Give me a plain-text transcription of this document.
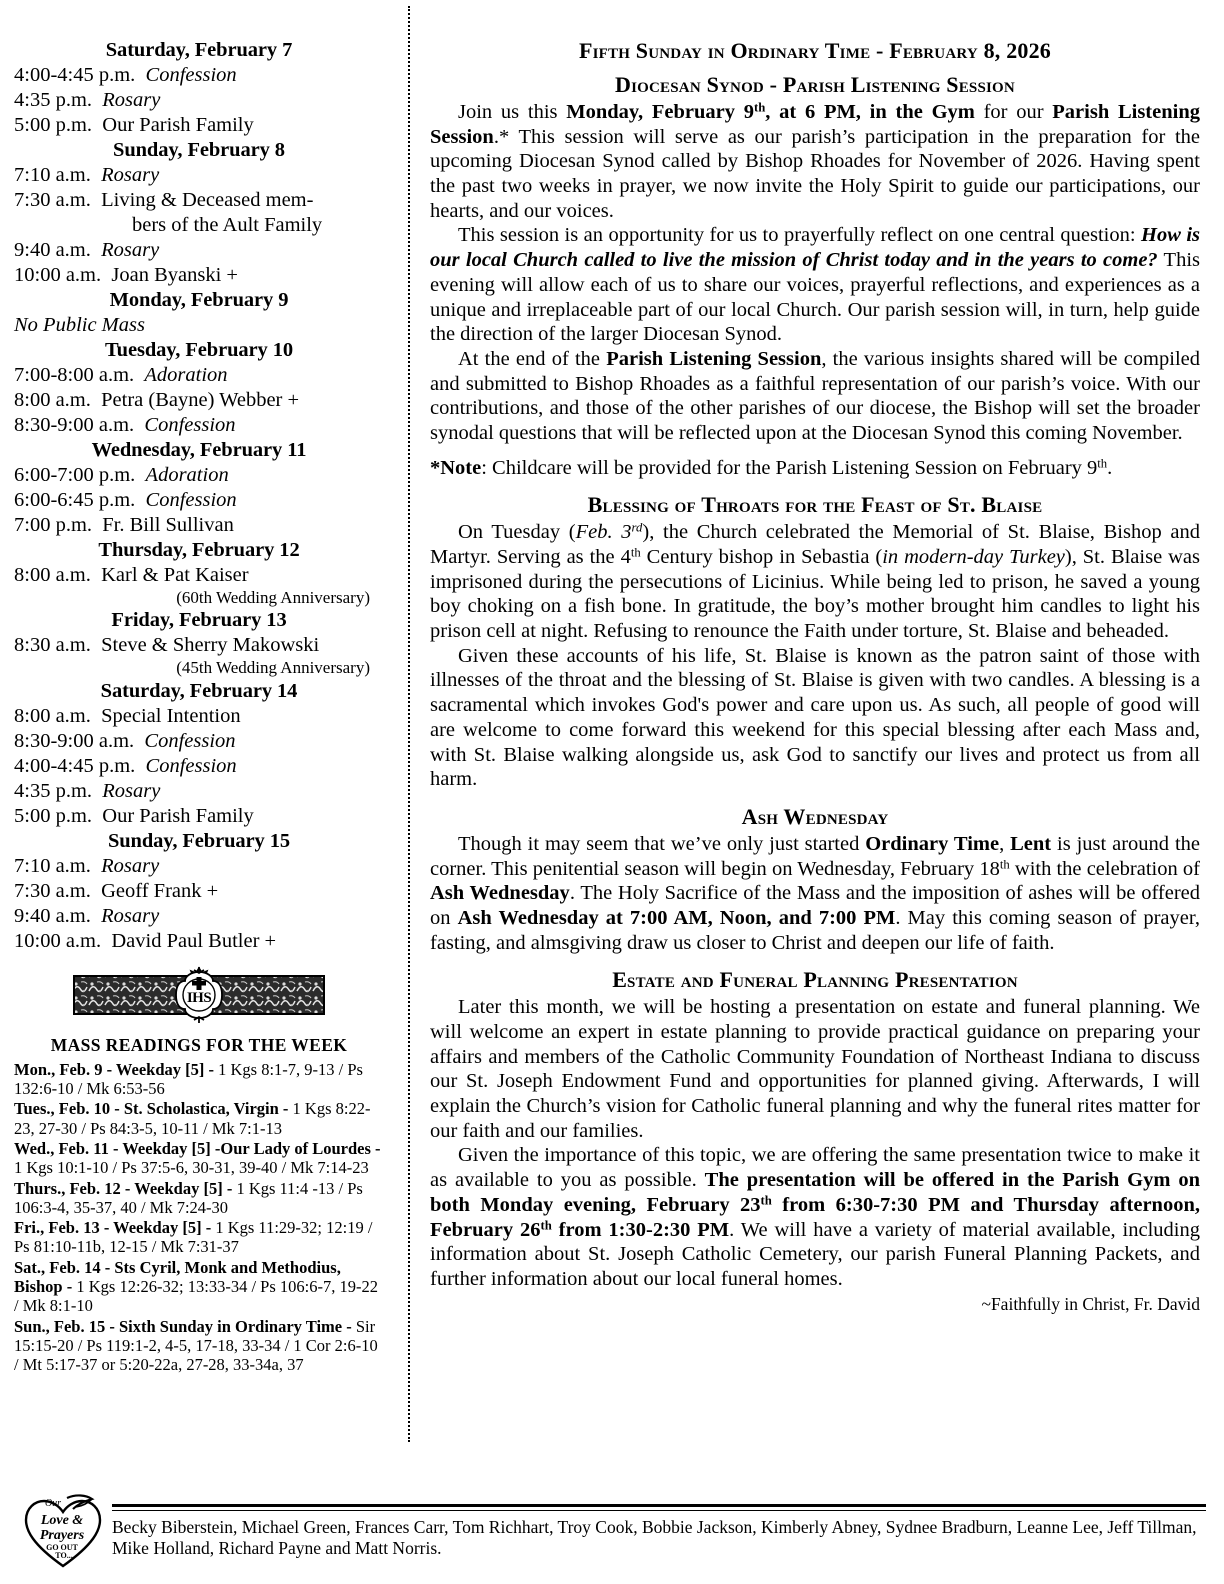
Saturday, February 7
4:00-4:45 p.m. Confession
4:35 p.m. Rosary
5:00 p.m. Our Parish Family
Sunday, February 8
7:10 a.m. Rosary
7:30 a.m. Living & Deceased mem-
bers of the Ault Family
9:40 a.m. Rosary
10:00 a.m. Joan Byanski +
Monday, February 9
No Public Mass
Tuesday, February 10
7:00-8:00 a.m. Adoration
8:00 a.m. Petra (Bayne) Webber +
8:30-9:00 a.m. Confession
Wednesday, February 11
6:00-7:00 p.m. Adoration
6:00-6:45 p.m. Confession
7:00 p.m. Fr. Bill Sullivan
Thursday, February 12
8:00 a.m. Karl & Pat Kaiser
(60th Wedding Anniversary)
Friday, February 13
8:30 a.m. Steve & Sherry Makowski
(45th Wedding Anniversary)
Saturday, February 14
8:00 a.m. Special Intention
8:30-9:00 a.m. Confession
4:00-4:45 p.m. Confession
4:35 p.m. Rosary
5:00 p.m. Our Parish Family
Sunday, February 15
7:10 a.m. Rosary
7:30 a.m. Geoff Frank +
9:40 a.m. Rosary
10:00 a.m. David Paul Butler +
IHS
MASS READINGS FOR THE WEEK
Mon., Feb. 9 - Weekday [5] - 1 Kgs 8:1-7, 9-13 / Ps 132:6-10 / Mk 6:53-56
Tues., Feb. 10 - St. Scholastica, Virgin - 1 Kgs 8:22-23, 27-30 / Ps 84:3-5, 10-11 / Mk 7:1-13
Wed., Feb. 11 - Weekday [5] -Our Lady of Lourdes - 1 Kgs 10:1-10 / Ps 37:5-6, 30-31, 39-40 / Mk 7:14-23
Thurs., Feb. 12 - Weekday [5] - 1 Kgs 11:4 -13 / Ps 106:3-4, 35-37, 40 / Mk 7:24-30
Fri., Feb. 13 - Weekday [5] - 1 Kgs 11:29-32; 12:19 / Ps 81:10-11b, 12-15 / Mk 7:31-37
Sat., Feb. 14 - Sts Cyril, Monk and Methodius, Bishop - 1 Kgs 12:26-32; 13:33-34 / Ps 106:6-7, 19-22 / Mk 8:1-10
Sun., Feb. 15 - Sixth Sunday in Ordinary Time - Sir 15:15-20 / Ps 119:1-2, 4-5, 17-18, 33-34 / 1 Cor 2:6-10 / Mt 5:17-37 or 5:20-22a, 27-28, 33-34a, 37
Fifth Sunday in Ordinary Time - February 8, 2026
Diocesan Synod - Parish Listening Session

Join us this Monday, February 9th, at 6 PM, in the Gym for our Parish Listening Session.* This session will serve as our parish’s participation in the preparation for the upcoming Diocesan Synod called by Bishop Rhoades for November of 2026. Having spent the past two weeks in prayer, we now invite the Holy Spirit to guide our participations, our hearts, and our voices.

This session is an opportunity for us to prayerfully reflect on one central question: How is our local Church called to live the mission of Christ today and in the years to come? This evening will allow each of us to share our voices, prayerful reflections, and experiences as a unique and irreplaceable part of our local Church. Our parish session will, in turn, help guide the direction of the larger Diocesan Synod.

At the end of the Parish Listening Session, the various insights shared will be compiled and submitted to Bishop Rhoades as a faithful representation of our parish’s voice. With our contributions, and those of the other parishes of our diocese, the Bishop will set the broader synodal questions that will be reflected upon at the Diocesan Synod this coming November.

*Note: Childcare will be provided for the Parish Listening Session on February 9th.

Blessing of Throats for the Feast of St. Blaise

On Tuesday (Feb. 3rd), the Church celebrated the Memorial of St. Blaise, Bishop and Martyr. Serving as the 4th Century bishop in Sebastia (in modern-day Turkey), St. Blaise was imprisoned during the persecutions of Licinius. While being led to prison, he saved a young boy choking on a fish bone. In gratitude, the boy’s mother brought him candles to light his prison cell at night. Refusing to renounce the Faith under torture, St. Blaise and beheaded.

Given these accounts of his life, St. Blaise is known as the patron saint of those with illnesses of the throat and the blessing of St. Blaise is given with two candles. A blessing is a sacramental which invokes God's power and care upon us. As such, all people of good will are welcome to come forward this weekend for this special blessing after each Mass and, with St. Blaise walking alongside us, ask God to sanctify our lives and protect us from all harm.

Ash Wednesday

Though it may seem that we’ve only just started Ordinary Time, Lent is just around the corner. This penitential season will begin on Wednesday, February 18th with the celebration of Ash Wednesday. The Holy Sacrifice of the Mass and the imposition of ashes will be offered on Ash Wednesday at 7:00 AM, Noon, and 7:00 PM. May this coming season of prayer, fasting, and almsgiving draw us closer to Christ and deepen our life of faith.

Estate and Funeral Planning Presentation

Later this month, we will be hosting a presentation on estate and funeral planning. We will welcome an expert in estate planning to provide practical guidance on preparing your affairs and members of the Catholic Community Foundation of Northeast Indiana to discuss our St. Joseph Endowment Fund and opportunities for planned giving. Afterwards, I will explain the Church’s vision for Catholic funeral planning and why the funeral rites matter for our faith and our families.

Given the importance of this topic, we are offering the same presentation twice to make it as available to you as possible. The presentation will be offered in the Parish Gym on both Monday evening, February 23th from 6:30-7:30 PM and Thursday afternoon, February 26th from 1:30-2:30 PM. We will have a variety of material available, including information about St. Joseph Catholic Cemetery, our parish Funeral Planning Packets, and further information about our local funeral homes.

~Faithfully in Christ, Fr. David

Our
Love &
Prayers
GO OUT
TO...

Becky Biberstein, Michael Green, Frances Carr, Tom Richhart, Troy Cook, Bobbie Jackson, Kimberly Abney, Sydnee Bradburn, Leanne Lee, Jeff Tillman, Mike Holland, Richard Payne and Matt Norris.
